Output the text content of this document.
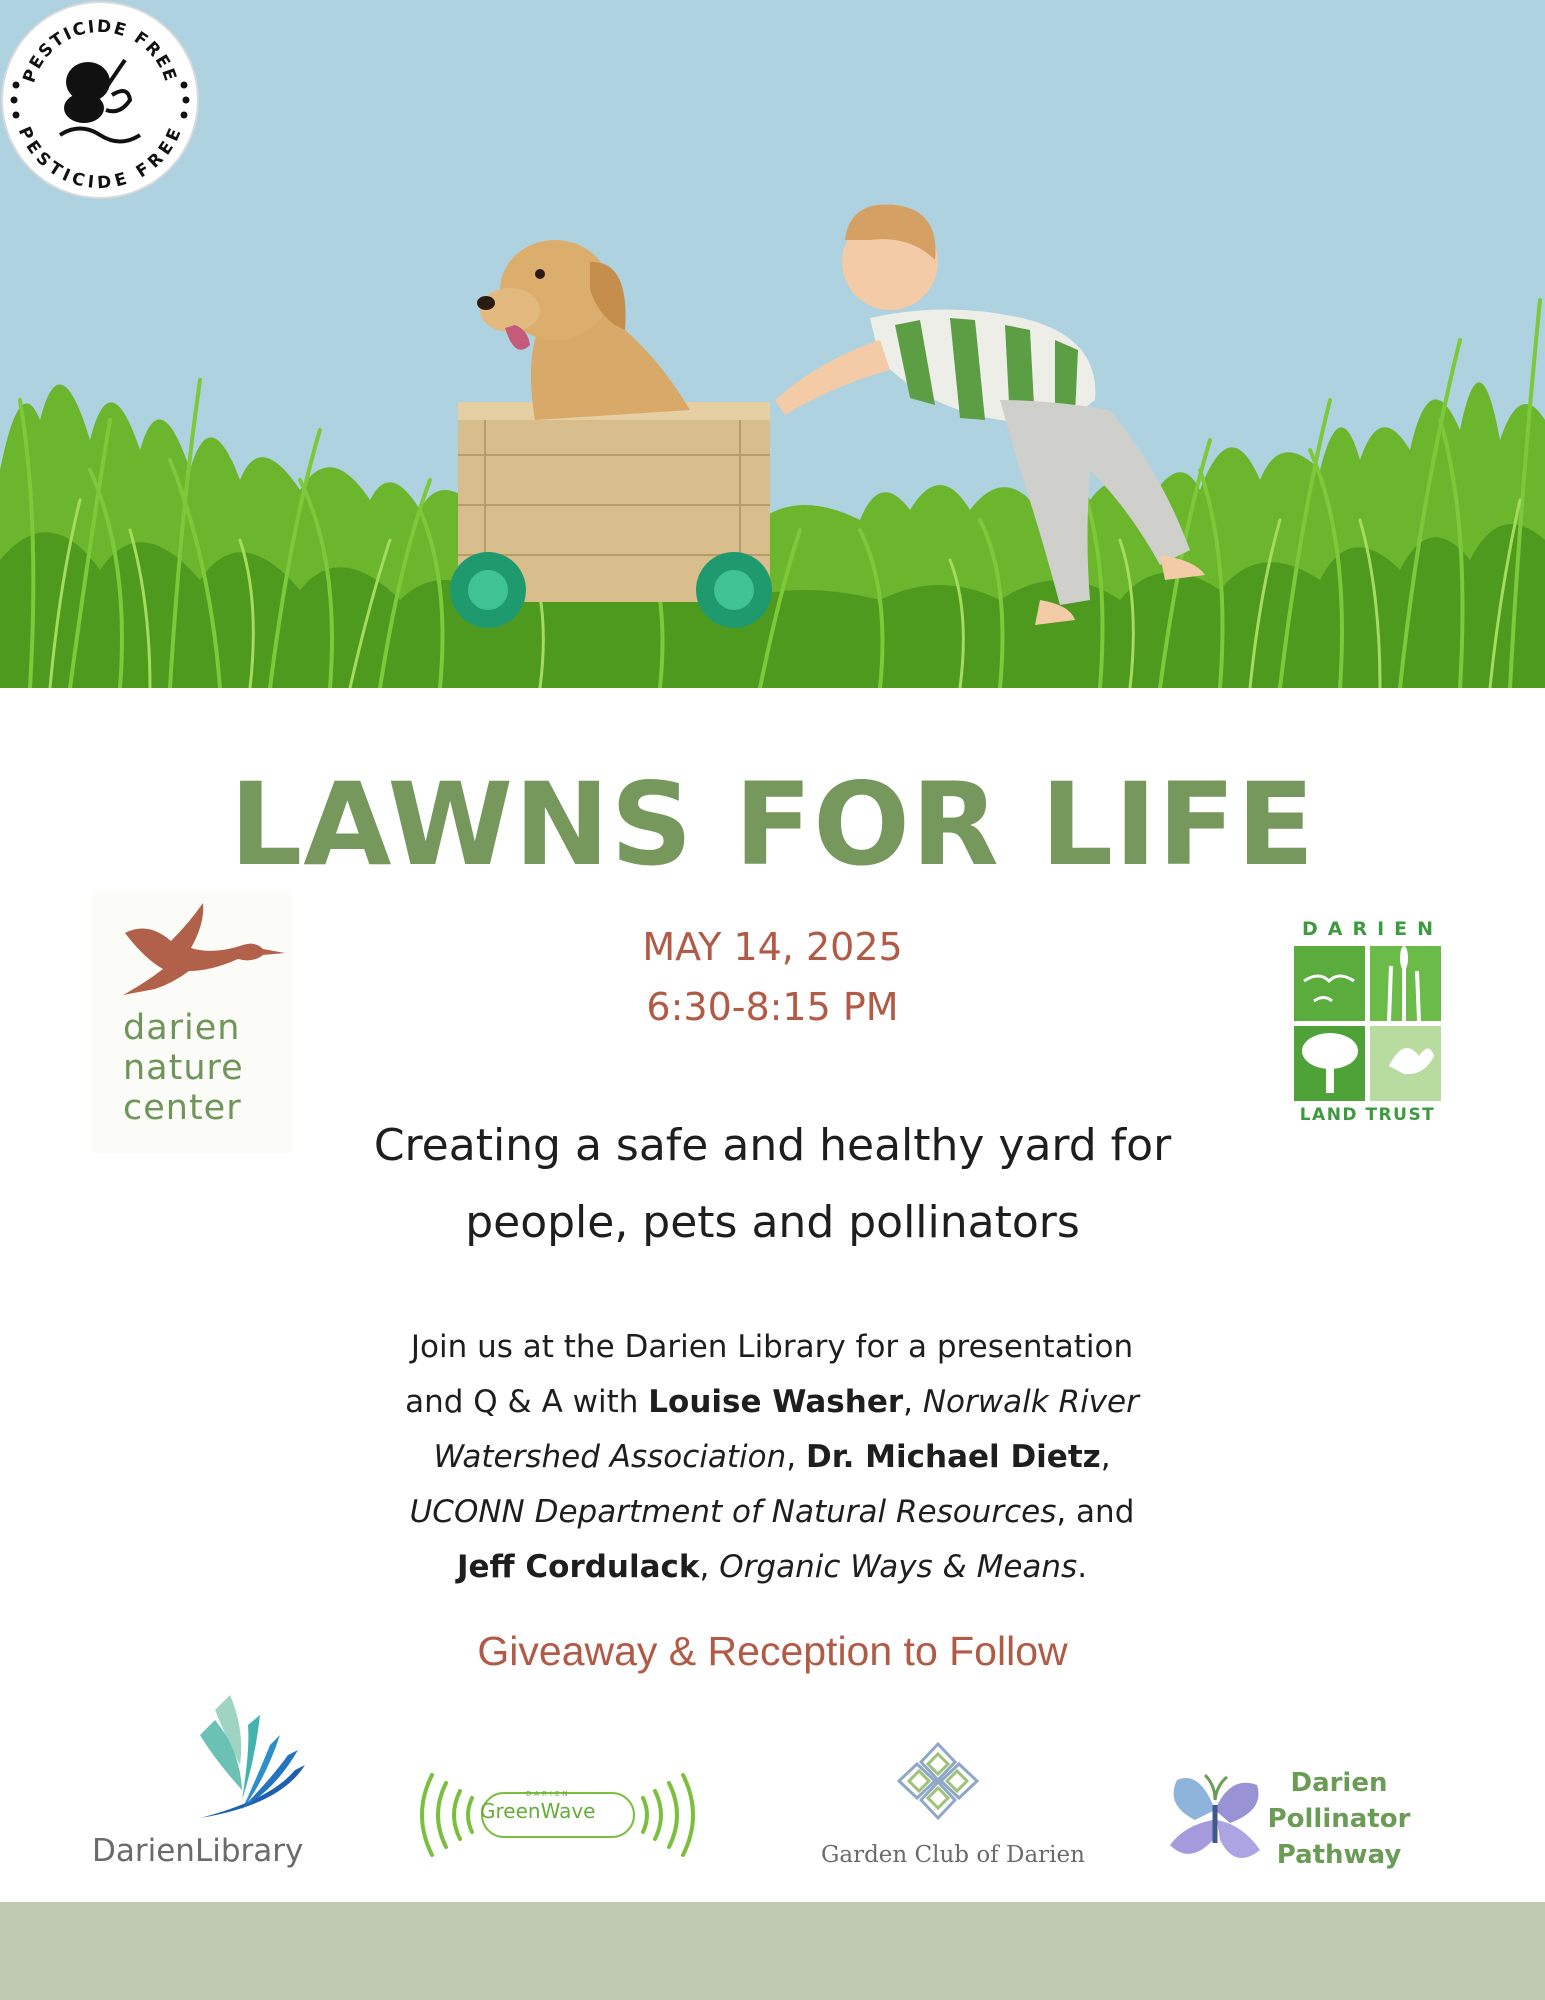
PESTICIDE FREE
PESTICIDE FREE
LAWNS FOR LIFE
MAY 14, 2025
6:30-8:15 PM
darien
nature
center
DARIEN
LAND TRUST
Creating a safe and healthy yard for
people, pets and pollinators
Join us at the Darien Library for a presentation
and Q & A with Louise Washer, Norwalk River
Watershed Association, Dr. Michael Dietz,
UCONN Department of Natural Resources, and
Jeff Cordulack, Organic Ways & Means.
Giveaway & Reception to Follow
DarienLibrary
DARIEN
GreenWave
Garden Club of Darien
Darien
Pollinator
Pathway
